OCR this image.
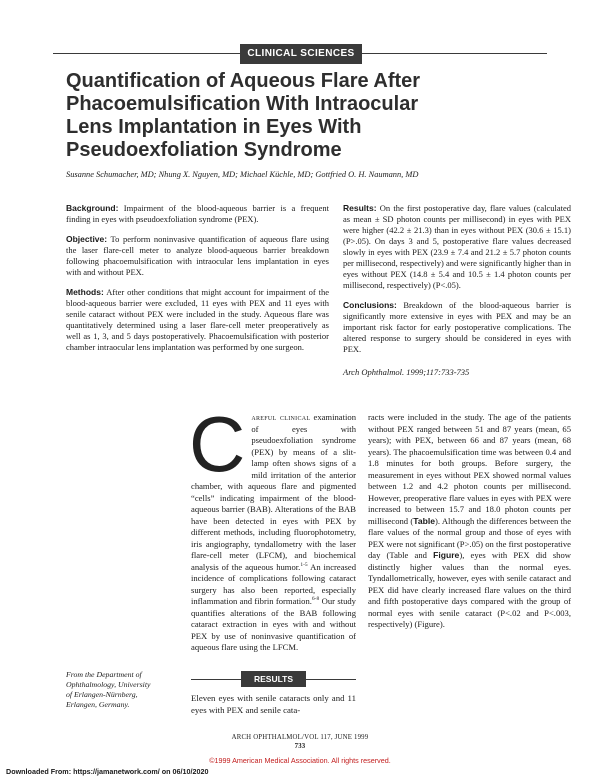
CLINICAL SCIENCES
Quantification of Aqueous Flare After
Phacoemulsification With Intraocular
Lens Implantation in Eyes With
Pseudoexfoliation Syndrome
Susanne Schumacher, MD; Nhung X. Nguyen, MD; Michael Küchle, MD; Gottfried O. H. Naumann, MD

Background: Impairment of the blood-aqueous barrier is a frequent finding in eyes with pseudoexfoliation syndrome (PEX).

Objective: To perform noninvasive quantification of aqueous flare using the laser flare-cell meter to analyze blood-aqueous barrier breakdown following phacoemulsification with intraocular lens implantation in eyes with and without PEX.

Methods: After other conditions that might account for impairment of the blood-aqueous barrier were excluded, 11 eyes with PEX and 11 eyes with senile cataract without PEX were included in the study. Aqueous flare was quantitatively determined using a laser flare-cell meter preoperatively as well as 1, 3, and 5 days postoperatively. Phacoemulsification with posterior chamber intraocular lens implantation was performed by one surgeon.

Results: On the first postoperative day, flare values (calculated as mean ± SD photon counts per millisecond) in eyes with PEX were higher (42.2 ± 21.3) than in eyes without PEX (30.6 ± 15.1) (P>.05). On days 3 and 5, postoperative flare values decreased slowly in eyes with PEX (23.9 ± 7.4 and 21.2 ± 5.7 photon counts per millisecond, respectively) and were significantly higher than in eyes without PEX (14.8 ± 5.4 and 10.5 ± 1.4 photon counts per millisecond, respectively) (P<.05).

Conclusions: Breakdown of the blood-aqueous barrier is significantly more extensive in eyes with PEX and may be an important risk factor for early postoperative complications. The altered response to surgery should be considered in eyes with PEX.
Arch Ophthalmol. 1999;117:733-735

Careful clinical examination of eyes with pseudoexfoliation syndrome (PEX) by means of a slit-lamp often shows signs of a mild irritation of the anterior chamber, with aqueous flare and pigmented “cells” indicating impairment of the blood-aqueous barrier (BAB). Alterations of the BAB have been detected in eyes with PEX by different methods, including fluorophotometry, iris angiography, tyndallometry with the laser flare-cell meter (LFCM), and biochemical analysis of the aqueous humor.$^{1-5}$ An increased incidence of complications following cataract surgery has also been reported, especially inflammation and fibrin formation.$^{6-8}$ Our study quantifies alterations of the BAB following cataract extraction in eyes with and without PEX by use of noninvasive quantification of aqueous flare using the LFCM.

racts were included in the study. The age of the patients without PEX ranged between 51 and 87 years (mean, 65 years); with PEX, between 66 and 87 years (mean, 68 years). The phacoemulsification time was between 0.4 and 1.8 minutes for both groups. Before surgery, the measurement in eyes without PEX showed normal values between 1.2 and 4.2 photon counts per millisecond. However, preoperative flare values in eyes with PEX were increased to between 15.7 and 18.0 photon counts per millisecond (Table). Although the differences between the flare values of the normal group and those of eyes with PEX were not significant (P>.05) on the first postoperative day (Table and Figure), eyes with PEX did show distinctly higher values than the normal eyes. Tyndallometrically, however, eyes with senile cataract and PEX did have clearly increased flare values on the third and fifth postoperative days compared with the group of normal eyes with senile cataract (P<.02 and P<.003, respectively) (Figure).

From the Department of Ophthalmology, University of Erlangen-Nürnberg, Erlangen, Germany.
RESULTS
Eleven eyes with senile cataracts only and 11 eyes with PEX and senile cata-
ARCH OPHTHALMOL/VOL 117, JUNE 1999
733
©1999 American Medical Association. All rights reserved.
Downloaded From: https://jamanetwork.com/ on 06/10/2020
